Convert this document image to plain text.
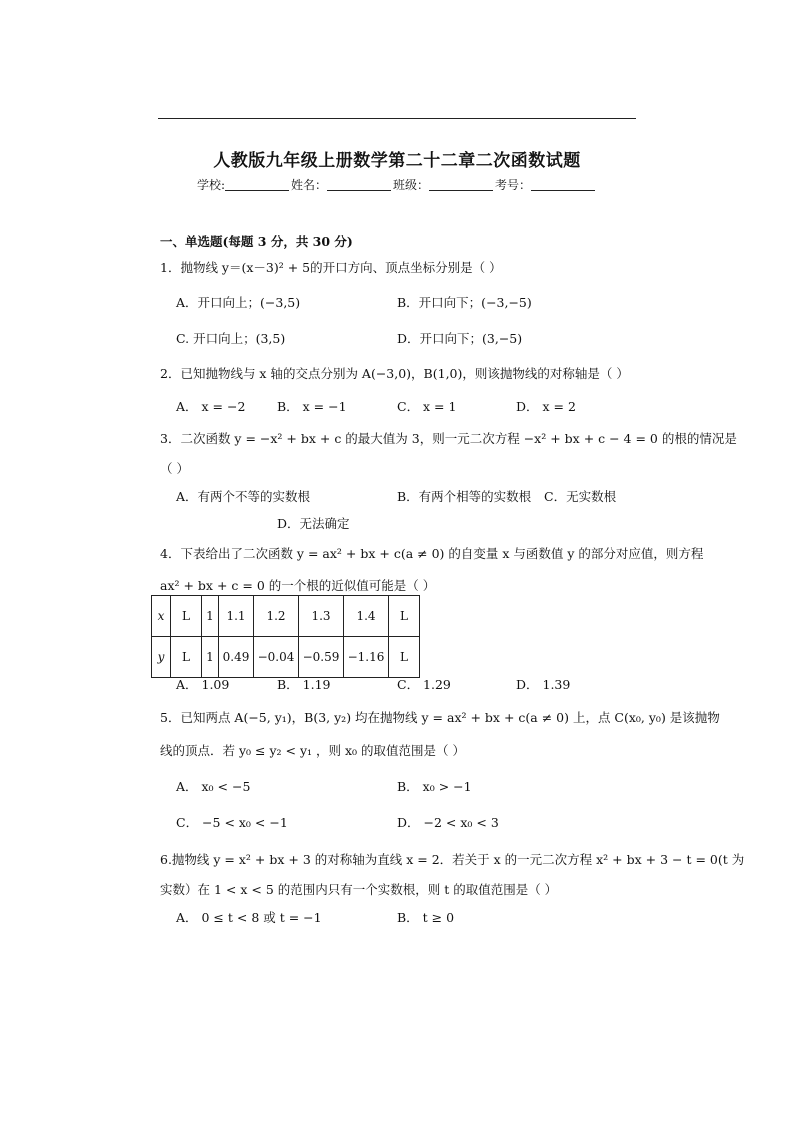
人教版九年级上册数学第二十二章二次函数试题
学校:	姓名：	班级：	考号：
一、单选题(每题 3 分，共 30 分)
1．抛物线 y＝(x－3)² + 5的开口方向、顶点坐标分别是（ ）
A．开口向上；(−3,5)	B．开口向下；(−3,−5)
C. 开口向上；(3,5)	D．开口向下；(3,−5)
2．已知抛物线与 x 轴的交点分别为 A(−3,0)，B(1,0)，则该抛物线的对称轴是（ ）
A． x = −2	B． x = −1	C． x = 1	D． x = 2
3．二次函数 y = −x² + bx + c 的最大值为 3，则一元二次方程 −x² + bx + c − 4 = 0 的根的情况是
（ ）
A．有两个不等的实数根	B．有两个相等的实数根 C．无实数根
D．无法确定
4．下表给出了二次函数 y = ax² + bx + c(a ≠ 0) 的自变量 x 与函数值 y 的部分对应值，则方程
ax² + bx + c = 0 的一个根的近似值可能是（ ）
x	L	1	1.1	1.2	1.3	1.4	L
y	L	1	0.49	−0.04	−0.59	−1.16	L
A． 1.09	B． 1.19	C． 1.29	D． 1.39
5．已知两点 A(−5, y₁)，B(3, y₂) 均在抛物线 y = ax² + bx + c(a ≠ 0) 上，点 C(x₀, y₀) 是该抛物
线的顶点．若 y₀ ≤ y₂ < y₁ ，则 x₀ 的取值范围是（ ）
A． x₀ < −5	B． x₀ > −1
C． −5 < x₀ < −1	D． −2 < x₀ < 3
6.抛物线 y = x² + bx + 3 的对称轴为直线 x = 2．若关于 x 的一元二次方程 x² + bx + 3 − t = 0(t 为
实数）在 1 < x < 5 的范围内只有一个实数根，则 t 的取值范围是（ ）
A． 0 ≤ t < 8 或 t = −1	B． t ≥ 0
